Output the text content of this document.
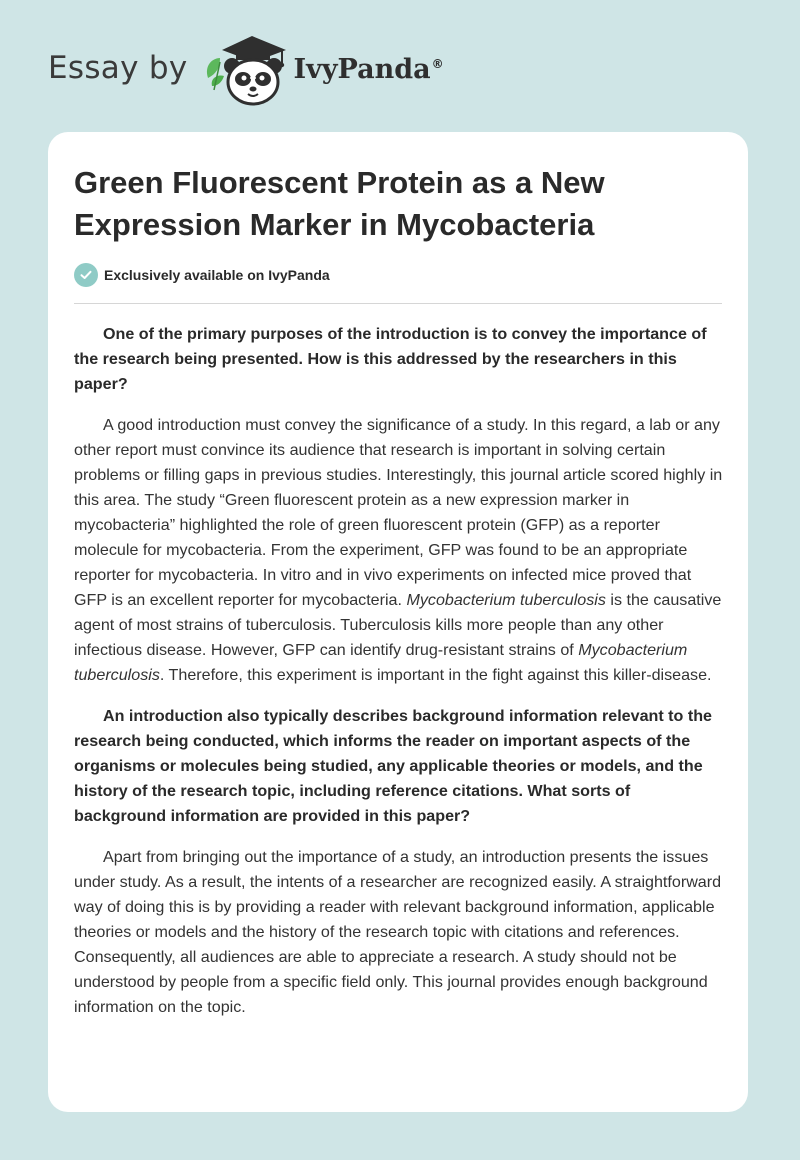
Essay by	IvyPanda®
Green Fluorescent Protein as a New Expression Marker in Mycobacteria
Exclusively available on IvyPanda

One of the primary purposes of the introduction is to convey the importance of the research being presented. How is this addressed by the researchers in this paper?

A good introduction must convey the significance of a study. In this regard, a lab or any other report must convince its audience that research is important in solving certain problems or filling gaps in previous studies. Interestingly, this journal article scored highly in this area. The study “Green fluorescent protein as a new expression marker in mycobacteria” highlighted the role of green fluorescent protein (GFP) as a reporter molecule for mycobacteria. From the experiment, GFP was found to be an appropriate reporter for mycobacteria. In vitro and in vivo experiments on infected mice proved that GFP is an excellent reporter for mycobacteria. Mycobacterium tuberculosis is the causative agent of most strains of tuberculosis. Tuberculosis kills more people than any other infectious disease. However, GFP can identify drug-resistant strains of Mycobacterium tuberculosis. Therefore, this experiment is important in the fight against this killer-disease.

An introduction also typically describes background information relevant to the research being conducted, which informs the reader on important aspects of the organisms or molecules being studied, any applicable theories or models, and the history of the research topic, including reference citations. What sorts of background information are provided in this paper?

Apart from bringing out the importance of a study, an introduction presents the issues under study. As a result, the intents of a researcher are recognized easily. A straightforward way of doing this is by providing a reader with relevant background information, applicable theories or models and the history of the research topic with citations and references. Consequently, all audiences are able to appreciate a research. A study should not be understood by people from a specific field only. This journal provides enough background information on the topic.
